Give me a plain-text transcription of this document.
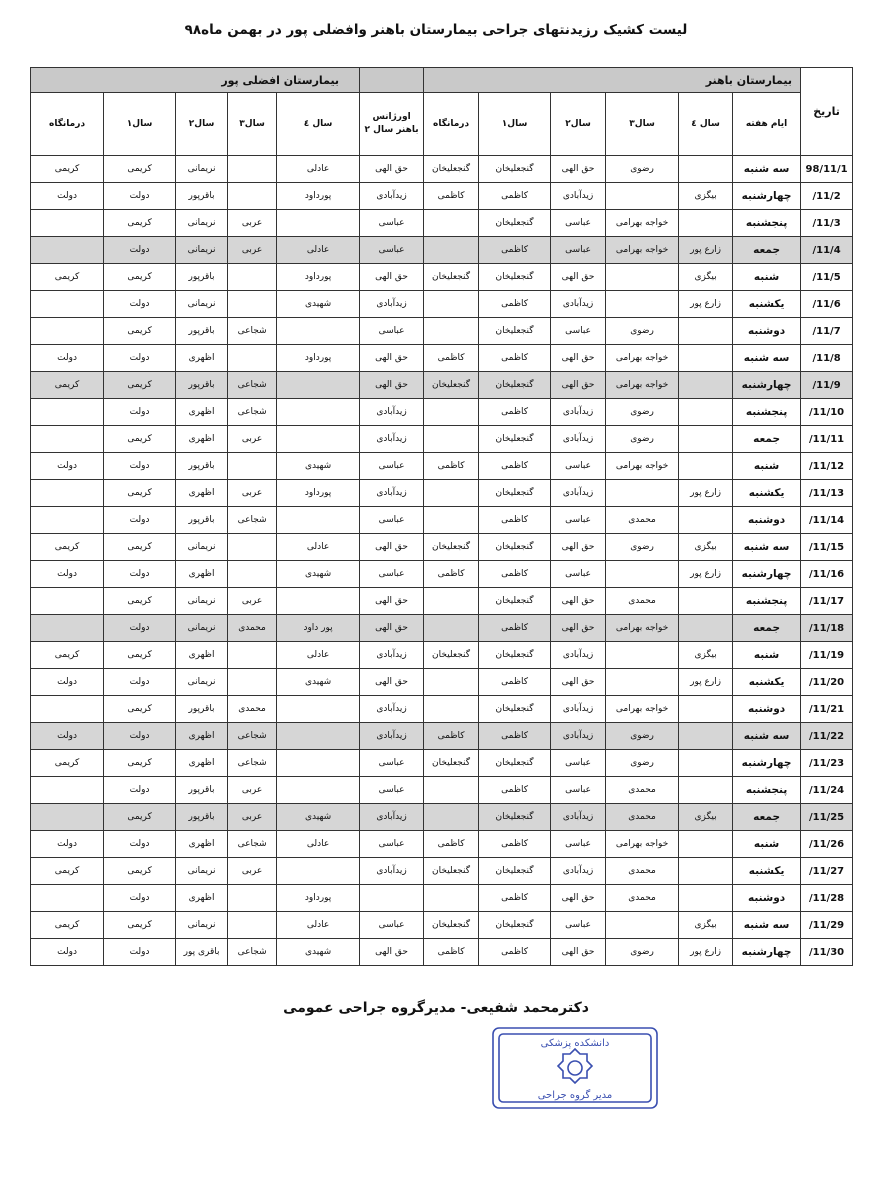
لیست کشیک رزیدنتهای جراحی بیمارستان باهنر وافضلی پور در بهمن ماه۹۸
تاریخ	بیمارستان باهنر							بیمارستان افضلی پور				
	ایام هفته	سال ٤	سال۳	سال۲	سال۱	درمانگاه	اورژانس باهنر سال ۲	سال ٤	سال۳	سال۲	سال۱	درمانگاه
98/11/1	سه شنبه		رضوی	حق الهی	گنجعلیخان	گنجعلیخان	حق الهی	عادلی		نریمانی	کریمی	کریمی
/11/2	چهارشنبه	بیگزی		زیدآبادی	کاظمی	کاظمی	زیدآبادی	پورداود		باقرپور	دولت	دولت
/11/3	پنجشنبه		خواجه بهرامی	عباسی	گنجعلیخان		عباسی		عربی	نریمانی	کریمی	
/11/4	جمعه	زارع پور	خواجه بهرامی	عباسی	کاظمی		عباسی	عادلی	عربی	نریمانی	دولت	
/11/5	شنبه	بیگزی		حق الهی	گنجعلیخان	گنجعلیخان	حق الهی	پورداود		باقرپور	کریمی	کریمی
/11/6	یکشنبه	زارع پور		زیدآبادی	کاظمی		زیدآبادی	شهیدی		نریمانی	دولت	
/11/7	دوشنبه		رضوی	عباسی	گنجعلیخان		عباسی		شجاعی	باقرپور	کریمی	
/11/8	سه شنبه		خواجه بهرامی	حق الهی	کاظمی	کاظمی	حق الهی	پورداود		اظهری	دولت	دولت
/11/9	چهارشنبه		خواجه بهرامی	حق الهی	گنجعلیخان	گنجعلیخان	حق الهی		شجاعی	باقرپور	کریمی	کریمی
/11/10	پنجشنبه		رضوی	زیدآبادی	کاظمی		زیدآبادی		شجاعی	اظهری	دولت	
/11/11	جمعه		رضوی	زیدآبادی	گنجعلیخان		زیدآبادی		عربی	اظهری	کریمی	
/11/12	شنبه		خواجه بهرامی	عباسی	کاظمی	کاظمی	عباسی	شهیدی		باقرپور	دولت	دولت
/11/13	یکشنبه	زارع پور		زیدآبادی	گنجعلیخان		زیدآبادی	پورداود	عربی	اظهری	کریمی	
/11/14	دوشنبه		محمدی	عباسی	کاظمی		عباسی		شجاعی	باقرپور	دولت	
/11/15	سه شنبه	بیگزی	رضوی	حق الهی	گنجعلیخان	گنجعلیخان	حق الهی	عادلی		نریمانی	کریمی	کریمی
/11/16	چهارشنبه	زارع پور		عباسی	کاظمی	کاظمی	عباسی	شهیدی		اظهری	دولت	دولت
/11/17	پنجشنبه		محمدی	حق الهی	گنجعلیخان		حق الهی		عربی	نریمانی	کریمی	
/11/18	جمعه		خواجه بهرامی	حق الهی	کاظمی		حق الهی	پور داود	محمدی	نریمانی	دولت	
/11/19	شنبه	بیگزی		زیدآبادی	گنجعلیخان	گنجعلیخان	زیدآبادی	عادلی		اظهری	کریمی	کریمی
/11/20	یکشنبه	زارع پور		حق الهی	کاظمی		حق الهی	شهیدی		نریمانی	دولت	دولت
/11/21	دوشنبه		خواجه بهرامی	زیدآبادی	گنجعلیخان		زیدآبادی		محمدی	باقرپور	کریمی	
/11/22	سه شنبه		رضوی	زیدآبادی	کاظمی	کاظمی	زیدآبادی		شجاعی	اظهری	دولت	دولت
/11/23	چهارشنبه		رضوی	عباسی	گنجعلیخان	گنجعلیخان	عباسی		شجاعی	اظهری	کریمی	کریمی
/11/24	پنجشنبه		محمدی	عباسی	کاظمی		عباسی		عربی	باقرپور	دولت	
/11/25	جمعه	بیگزی	محمدی	زیدآبادی	گنجعلیخان		زیدآبادی	شهیدی	عربی	باقرپور	کریمی	
/11/26	شنبه		خواجه بهرامی	عباسی	کاظمی	کاظمی	عباسی	عادلی	شجاعی	اظهری	دولت	دولت
/11/27	یکشنبه		محمدی	زیدآبادی	گنجعلیخان	گنجعلیخان	زیدآبادی		عربی	نریمانی	کریمی	کریمی
/11/28	دوشنبه		محمدی	حق الهی	کاظمی			پورداود		اظهری	دولت	
/11/29	سه شنبه	بیگزی		عباسی	گنجعلیخان	گنجعلیخان	عباسی	عادلی		نریمانی	کریمی	کریمی
/11/30	چهارشنبه	زارع پور	رضوی	حق الهی	کاظمی	کاظمی	حق الهی	شهیدی	شجاعی	باقری پور	دولت	دولت
دکترمحمد شفیعی- مدیرگروه جراحی عمومی
دانشکده پزشکی
مدیر گروه جراحی
